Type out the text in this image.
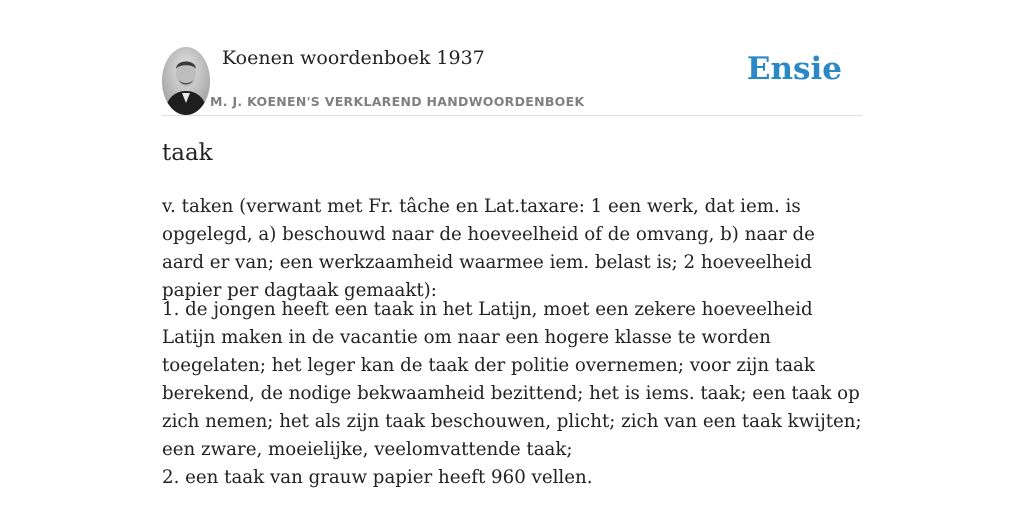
Koenen woordenboek 1937
M. J. KOENEN'S VERKLAREND HANDWOORDENBOEK
Ensie
taak

v. taken (verwant met Fr. tâche en Lat.taxare: 1 een werk, dat iem. is opgelegd, a) beschouwd naar de hoeveelheid of de omvang, b) naar de aard er van; een werkzaamheid waarmee iem. belast is; 2 hoeveelheid papier per dagtaak gemaakt):

1. de jongen heeft een taak in het Latijn, moet een zekere hoeveelheid Latijn maken in de vacantie om naar een hogere klasse te worden toegelaten; het leger kan de taak der politie overnemen; voor zijn taak berekend, de nodige bekwaamheid bezittend; het is iems. taak; een taak op zich nemen; het als zijn taak beschouwen, plicht; zich van een taak kwijten; een zware, moeielijke, veelomvattende taak;
2. een taak van grauw papier heeft 960 vellen.
